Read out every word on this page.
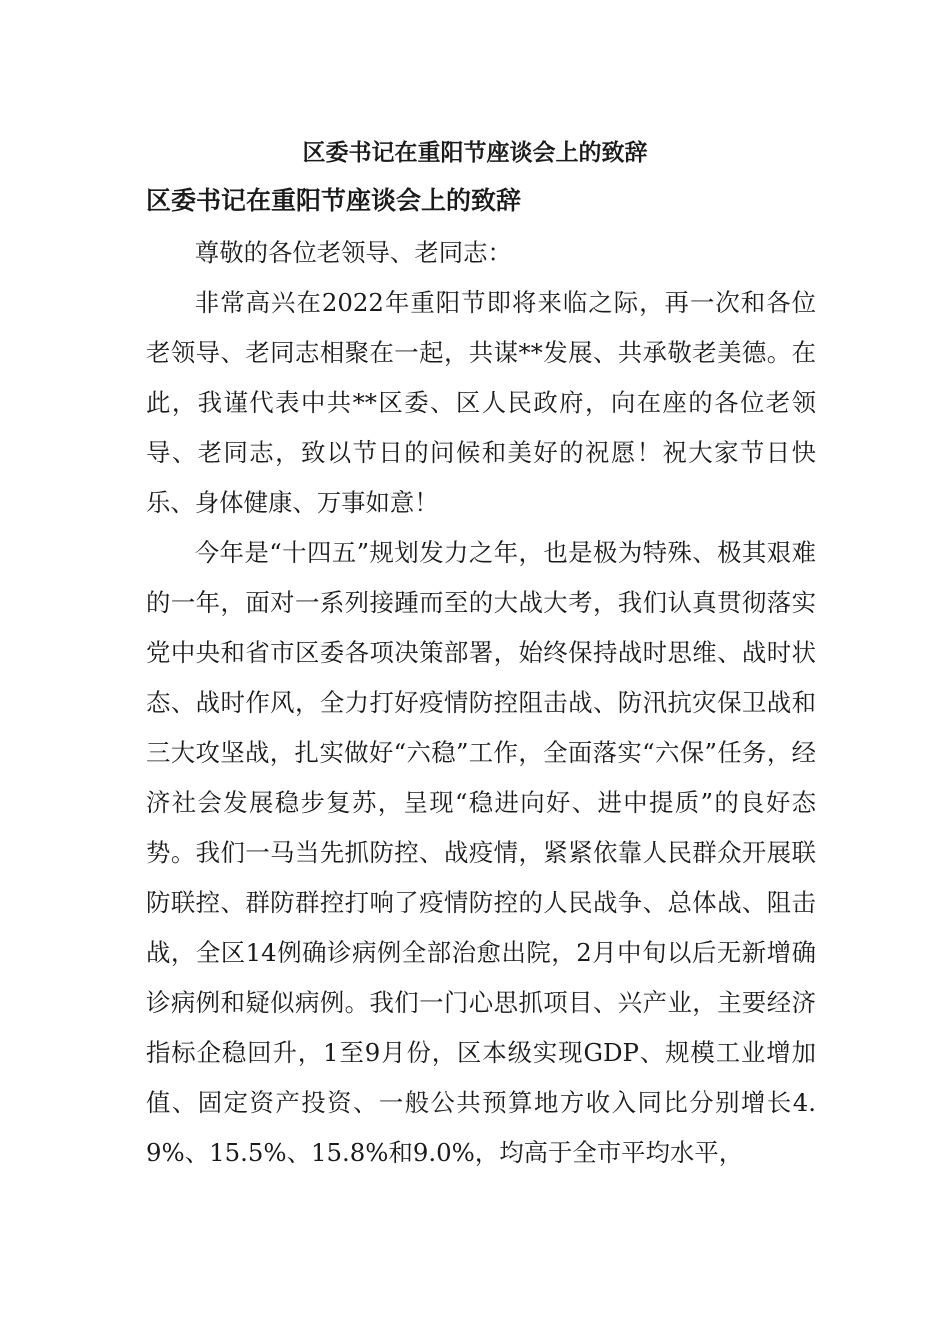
区委书记在重阳节座谈会上的致辞
区委书记在重阳节座谈会上的致辞

尊敬的各位老领导、老同志：

非常高兴在2022年重阳节即将来临之际，再一次和各位老领导、老同志相聚在一起，共谋**发展、共承敬老美德。在此，我谨代表中共**区委、区人民政府，向在座的各位老领导、老同志，致以节日的问候和美好的祝愿！祝大家节日快乐、身体健康、万事如意！

今年是“十四五”规划发力之年，也是极为特殊、极其艰难的一年，面对一系列接踵而至的大战大考，我们认真贯彻落实党中央和省市区委各项决策部署，始终保持战时思维、战时状态、战时作风，全力打好疫情防控阻击战、防汛抗灾保卫战和三大攻坚战，扎实做好“六稳”工作，全面落实“六保”任务，经济社会发展稳步复苏，呈现“稳进向好、进中提质”的良好态势。我们一马当先抓防控、战疫情，紧紧依靠人民群众开展联防联控、群防群控打响了疫情防控的人民战争、总体战、阻击战，全区14例确诊病例全部治愈出院，2月中旬以后无新增确诊病例和疑似病例。我们一门心思抓项目、兴产业，主要经济指标企稳回升，1至9月份，区本级实现GDP、规模工业增加值、固定资产投资、一般公共预算地方收入同比分别增长4.9%、15.5%、15.8%和9.0%，均高于全市平均水平，
